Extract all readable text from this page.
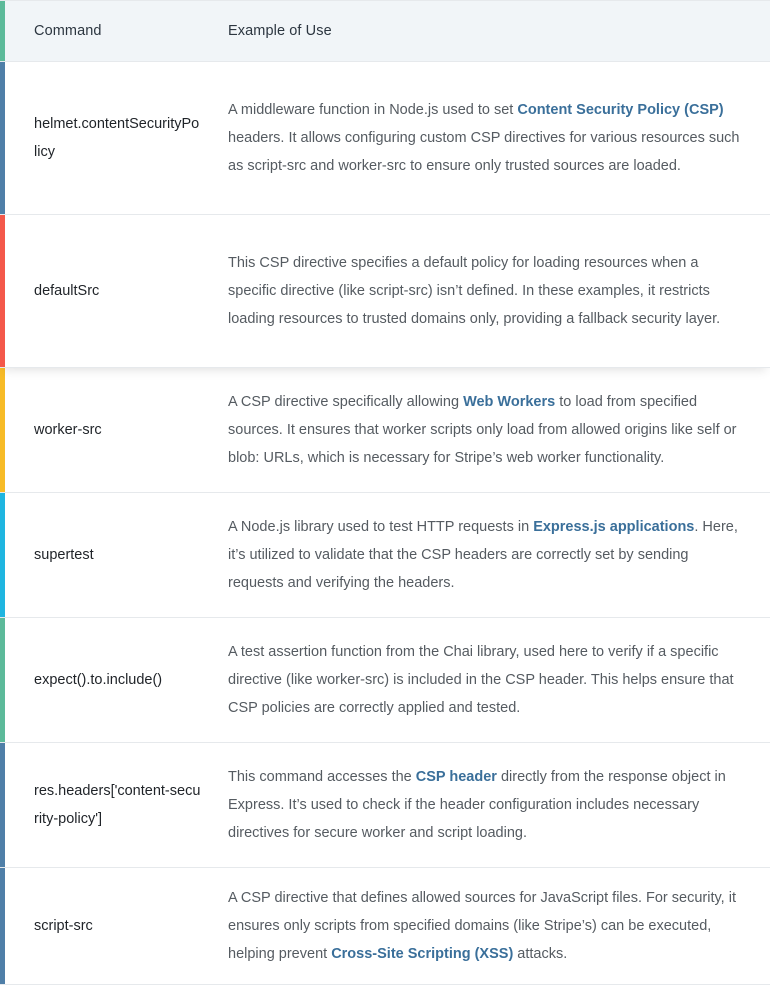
Command	Example of Use
helmet.contentSecurityPolicy
A middleware function in Node.js used to set Content Security Policy (CSP) headers. It allows configuring custom CSP directives for various resources such as script-src and worker-src to ensure only trusted sources are loaded.
defaultSrc
This CSP directive specifies a default policy for loading resources when a specific directive (like script-src) isn’t defined. In these examples, it restricts loading resources to trusted domains only, providing a fallback security layer.
worker-src
A CSP directive specifically allowing Web Workers to load from specified sources. It ensures that worker scripts only load from allowed origins like self or blob: URLs, which is necessary for Stripe’s web worker functionality.
supertest
A Node.js library used to test HTTP requests in Express.js applications. Here, it’s utilized to validate that the CSP headers are correctly set by sending requests and verifying the headers.
expect().to.include()
A test assertion function from the Chai library, used here to verify if a specific directive (like worker-src) is included in the CSP header. This helps ensure that CSP policies are correctly applied and tested.
res.headers['content-security-policy']
This command accesses the CSP header directly from the response object in Express. It’s used to check if the header configuration includes necessary directives for secure worker and script loading.
script-src
A CSP directive that defines allowed sources for JavaScript files. For security, it ensures only scripts from specified domains (like Stripe’s) can be executed, helping prevent Cross-Site Scripting (XSS) attacks.
